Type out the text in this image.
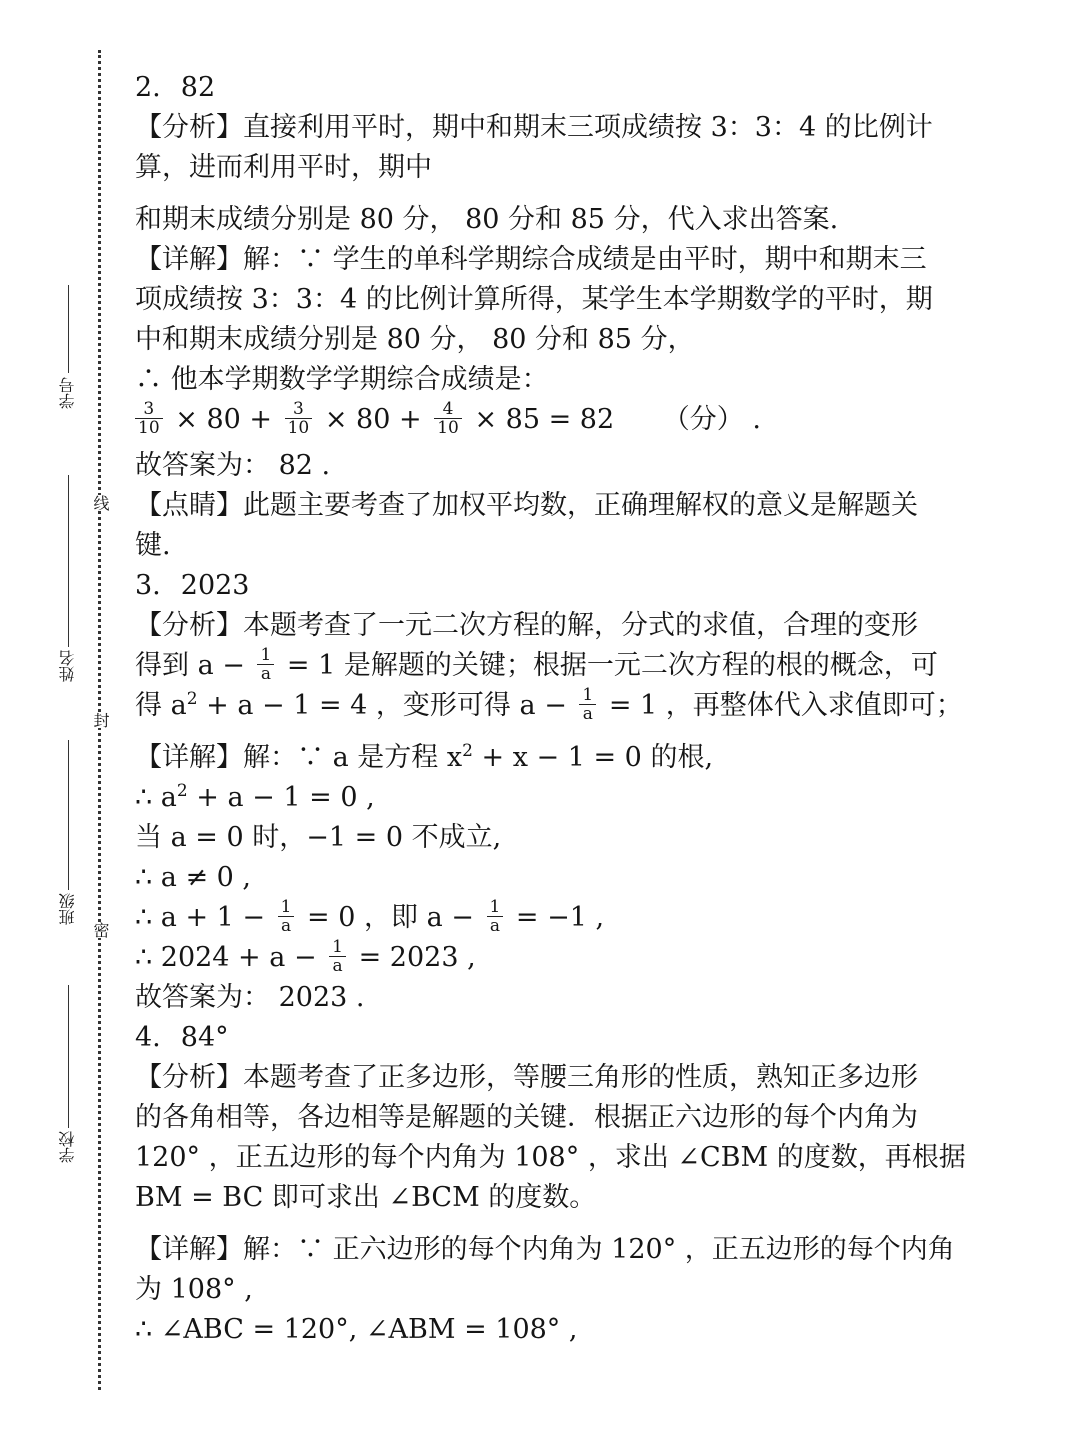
线
封
密
学号
姓名
班级
学校
2. 82
【分析】直接利用平时，期中和期末三项成绩按 3：3：4 的比例计
算，进而利用平时，期中
和期末成绩分别是 80 分， 80 分和 85 分，代入求出答案.
【详解】解：∵ 学生的单科学期综合成绩是由平时，期中和期末三
项成绩按 3：3：4 的比例计算所得，某学生本学期数学的平时，期
中和期末成绩分别是 80 分， 80 分和 85 分，
∴ 他本学期数学学期综合成绩是：
$\frac{3}{10} \times 80 + \frac{3}{10} \times 80 + \frac{4}{10} \times 85 = 82$ （分） .
故答案为： 82 .
【点睛】此题主要考查了加权平均数，正确理解权的意义是解题关
键.
3. 2023
【分析】本题考查了一元二次方程的解，分式的求值，合理的变形
得到 $a - \frac{1}{a} = 1$ 是解题的关键；根据一元二次方程的根的概念，可
得 $a^2 + a - 1 = 4$ ，变形可得 $a - \frac{1}{a} = 1$ ，再整体代入求值即可；
【详解】解：∵ a 是方程 $x^2 + x - 1 = 0$ 的根,
∴ $a^2 + a - 1 = 0$ ,
当 a = 0 时，−1 = 0 不成立,
∴ a ≠ 0 ,
∴ $a + 1 - \frac{1}{a} = 0$ ，即 $a - \frac{1}{a} = -1$ ,
∴ $2024 + a - \frac{1}{a} = 2023$ ,
故答案为： 2023 .
4. 84°
【分析】本题考查了正多边形，等腰三角形的性质，熟知正多边形
的各角相等，各边相等是解题的关键．根据正六边形的每个内角为
120° ，正五边形的每个内角为 108° ，求出 ∠CBM 的度数，再根据
BM = BC 即可求出 ∠BCM 的度数。
【详解】解：∵ 正六边形的每个内角为 120° ，正五边形的每个内角
为 108° ,
∴ ∠ABC = 120°, ∠ABM = 108° ,
